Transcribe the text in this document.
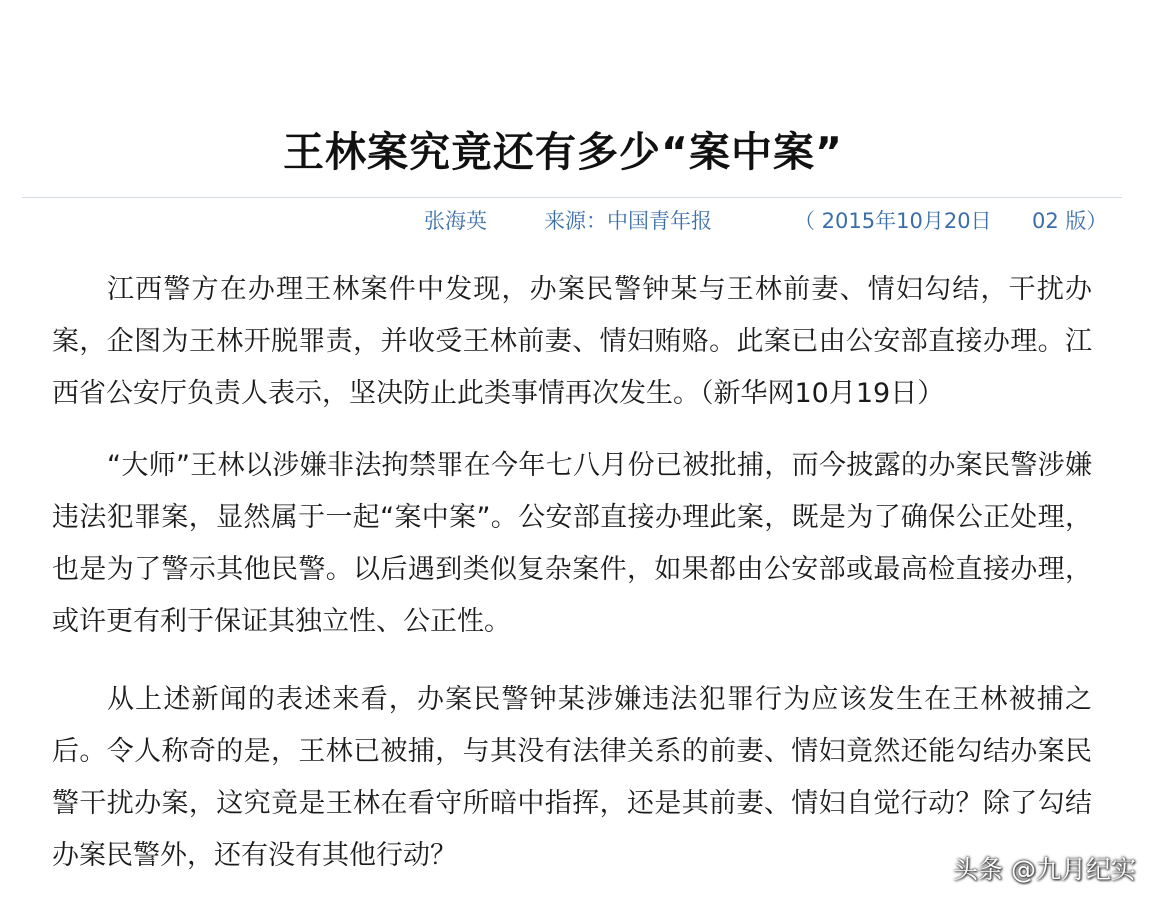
王林案究竟还有多少“案中案”
张海英	来源：中国青年报	（ 2015年10月20日 02 版）

江西警方在办理王林案件中发现，办案民警钟某与王林前妻、情妇勾结，干扰办案，企图为王林开脱罪责，并收受王林前妻、情妇贿赂。此案已由公安部直接办理。江西省公安厅负责人表示，坚决防止此类事情再次发生。（新华网10月19日）

“大师”王林以涉嫌非法拘禁罪在今年七八月份已被批捕，而今披露的办案民警涉嫌违法犯罪案，显然属于一起“案中案”。公安部直接办理此案，既是为了确保公正处理，也是为了警示其他民警。以后遇到类似复杂案件，如果都由公安部或最高检直接办理，或许更有利于保证其独立性、公正性。

从上述新闻的表述来看，办案民警钟某涉嫌违法犯罪行为应该发生在王林被捕之后。令人称奇的是，王林已被捕，与其没有法律关系的前妻、情妇竟然还能勾结办案民警干扰办案，这究竟是王林在看守所暗中指挥，还是其前妻、情妇自觉行动？除了勾结办案民警外，还有没有其他行动？	头条 @九月纪实
